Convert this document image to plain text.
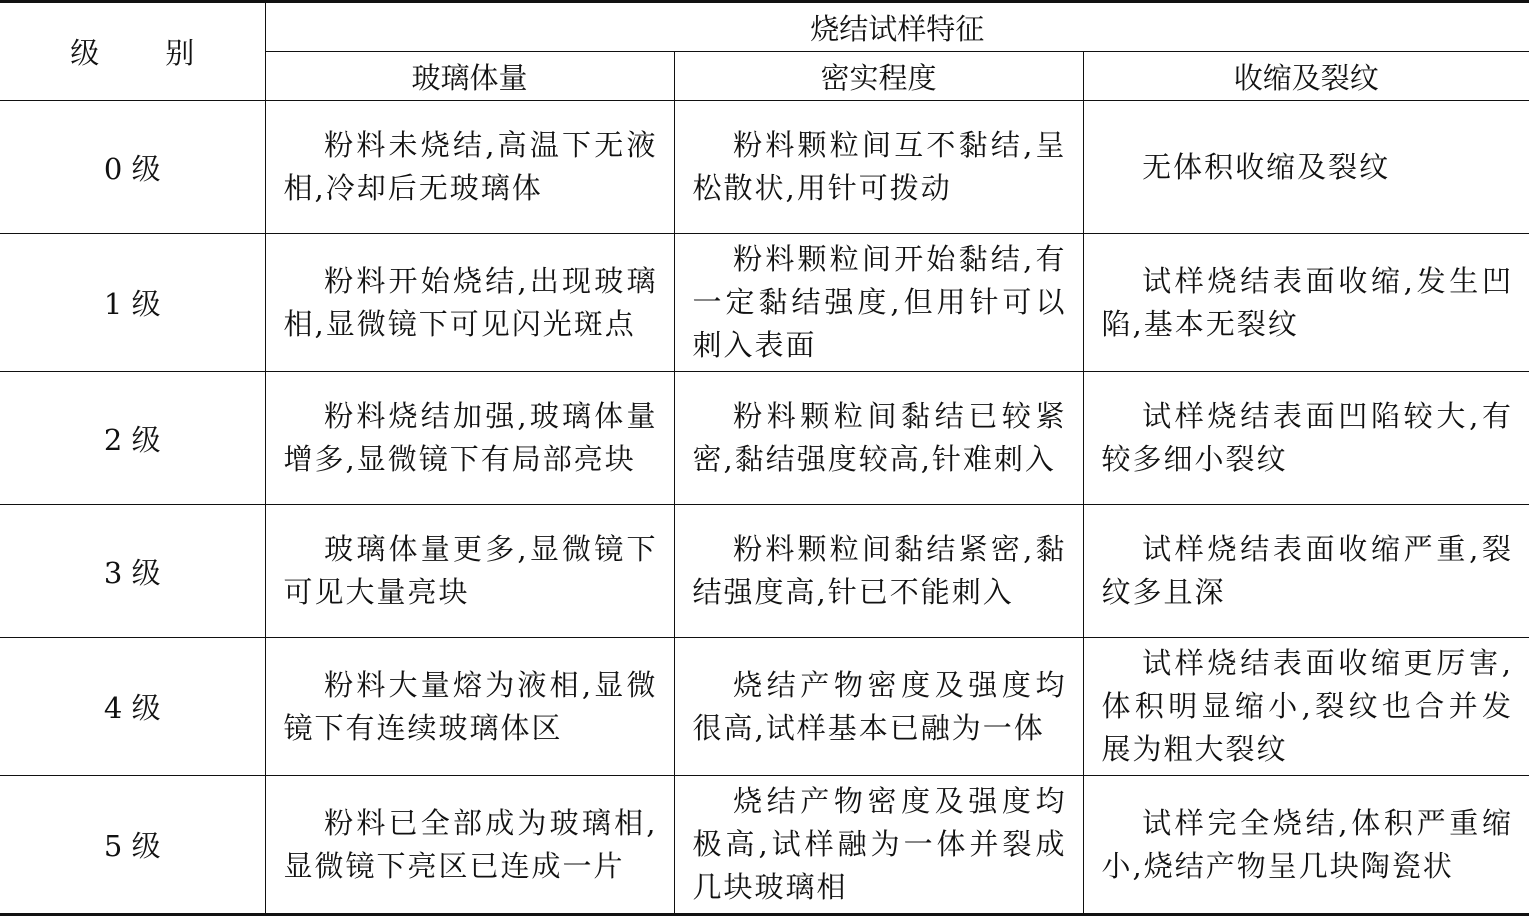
级 别	烧结试样特征		
	玻璃体量	密实程度	收缩及裂纹
0 级	粉料未烧结,高温下无液相,冷却后无玻璃体	粉料颗粒间互不黏结,呈松散状,用针可拨动	无体积收缩及裂纹
1 级	粉料开始烧结,出现玻璃相,显微镜下可见闪光斑点	粉料颗粒间开始黏结,有一定黏结强度,但用针可以刺入表面	试样烧结表面收缩,发生凹陷,基本无裂纹
2 级	粉料烧结加强,玻璃体量增多,显微镜下有局部亮块	粉料颗粒间黏结已较紧密,黏结强度较高,针难刺入	试样烧结表面凹陷较大,有较多细小裂纹
3 级	玻璃体量更多,显微镜下可见大量亮块	粉料颗粒间黏结紧密,黏结强度高,针已不能刺入	试样烧结表面收缩严重,裂纹多且深
4 级	粉料大量熔为液相,显微镜下有连续玻璃体区	烧结产物密度及强度均很高,试样基本已融为一体	试样烧结表面收缩更厉害,体积明显缩小,裂纹也合并发展为粗大裂纹
5 级	粉料已全部成为玻璃相,显微镜下亮区已连成一片	烧结产物密度及强度均极高,试样融为一体并裂成几块玻璃相	试样完全烧结,体积严重缩小,烧结产物呈几块陶瓷状
